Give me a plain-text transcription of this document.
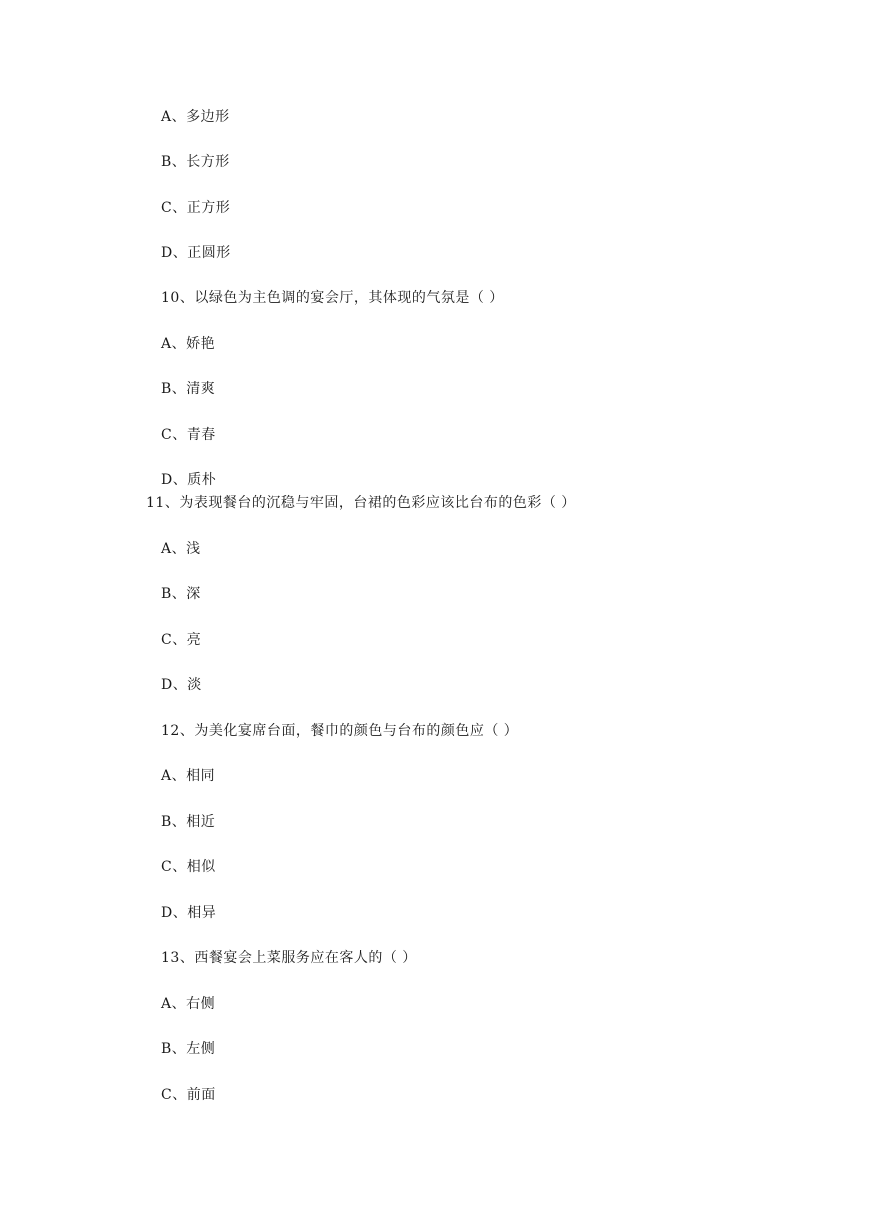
A、多边形
B、长方形
C、正方形
D、正圆形
10、以绿色为主色调的宴会厅，其体现的气氛是（ ）
A、娇艳
B、清爽
C、青春
D、质朴
11、为表现餐台的沉稳与牢固，台裙的色彩应该比台布的色彩（ ）
A、浅
B、深
C、亮
D、淡
12、为美化宴席台面，餐巾的颜色与台布的颜色应（ ）
A、相同
B、相近
C、相似
D、相异
13、西餐宴会上菜服务应在客人的（ ）
A、右侧
B、左侧
C、前面
